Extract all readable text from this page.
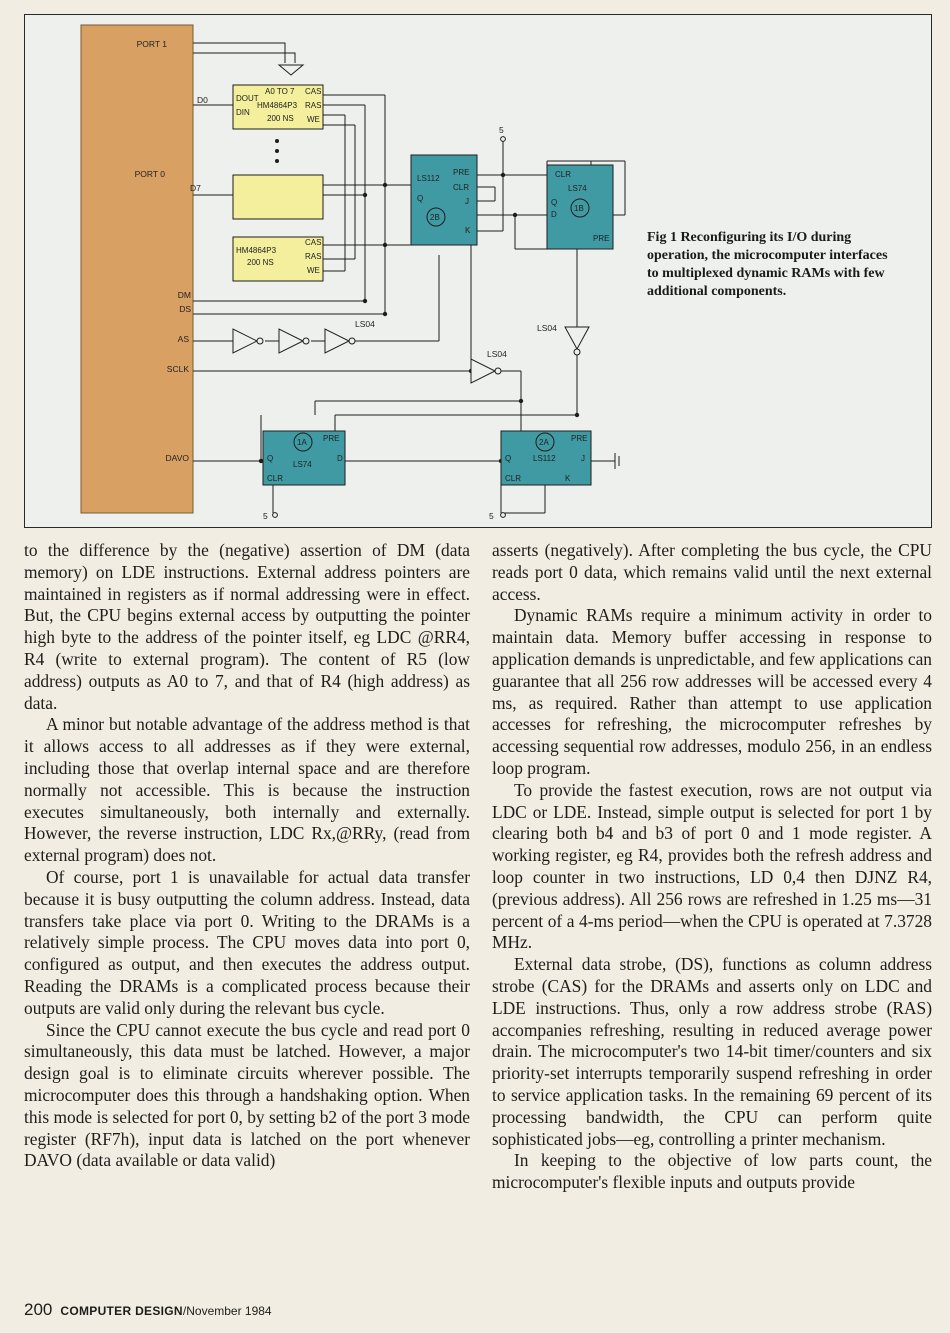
PORT 1
PORT 0
DM
DS
AS
SCLK
DAVO
D0
D7
5
5	5
LS04
LS04
LS04
A0 TO 7
DOUT
DIN
HM4864P3
200 NS
CAS
RAS
WE
HM4864P3
200 NS
CAS
RAS
WE
LS112
PRE
CLR
Q	J
K
2B
CLR
LS74
Q
D
PRE
1B
PRE
Q	D
LS74
CLR
1A	PRE
Q	LS112	J
CLR	K
2A
Fig 1 Reconfiguring its I/O during operation, the microcomputer interfaces to multiplexed dynamic RAMs with few additional components.

to the difference by the (negative) assertion of DM (data memory) on LDE instructions. External address pointers are maintained in registers as if normal addressing were in effect. But, the CPU begins external access by outputting the pointer high byte to the address of the pointer itself, eg LDC @RR4, R4 (write to external program). The content of R5 (low address) outputs as A0 to 7, and that of R4 (high address) as data.

A minor but notable advantage of the address method is that it allows access to all addresses as if they were external, including those that overlap internal space and are therefore normally not accessible. This is because the instruction executes simultaneously, both internally and externally. However, the reverse instruction, LDC Rx,@RRy, (read from external program) does not.

Of course, port 1 is unavailable for actual data transfer because it is busy outputting the column address. Instead, data transfers take place via port 0. Writing to the DRAMs is a relatively simple process. The CPU moves data into port 0, configured as output, and then executes the address output. Reading the DRAMs is a complicated process because their outputs are valid only during the relevant bus cycle.

Since the CPU cannot execute the bus cycle and read port 0 simultaneously, this data must be latched. However, a major design goal is to eliminate circuits wherever possible. The microcomputer does this through a handshaking option. When this mode is selected for port 0, by setting b2 of the port 3 mode register (RF7h), input data is latched on the port whenever DAVO (data available or data valid)

asserts (negatively). After completing the bus cycle, the CPU reads port 0 data, which remains valid until the next external access.

Dynamic RAMs require a minimum activity in order to maintain data. Memory buffer accessing in response to application demands is unpredictable, and few applications can guarantee that all 256 row addresses will be accessed every 4 ms, as required. Rather than attempt to use application accesses for refreshing, the microcomputer refreshes by accessing sequential row addresses, modulo 256, in an endless loop program.

To provide the fastest execution, rows are not output via LDC or LDE. Instead, simple output is selected for port 1 by clearing both b4 and b3 of port 0 and 1 mode register. A working register, eg R4, provides both the refresh address and loop counter in two instructions, LD 0,4 then DJNZ R4, (previous address). All 256 rows are refreshed in 1.25 ms—31 percent of a 4-ms period—when the CPU is operated at 7.3728 MHz.

External data strobe, (DS), functions as column address strobe (CAS) for the DRAMs and asserts only on LDC and LDE instructions. Thus, only a row address strobe (RAS) accompanies refreshing, resulting in reduced average power drain. The microcomputer's two 14-bit timer/counters and six priority-set interrupts temporarily suspend refreshing in order to service application tasks. In the remaining 69 percent of its processing bandwidth, the CPU can perform quite sophisticated jobs—eg, controlling a printer mechanism.

In keeping to the objective of low parts count, the microcomputer's flexible inputs and outputs provide

200 COMPUTER DESIGN /November 1984
